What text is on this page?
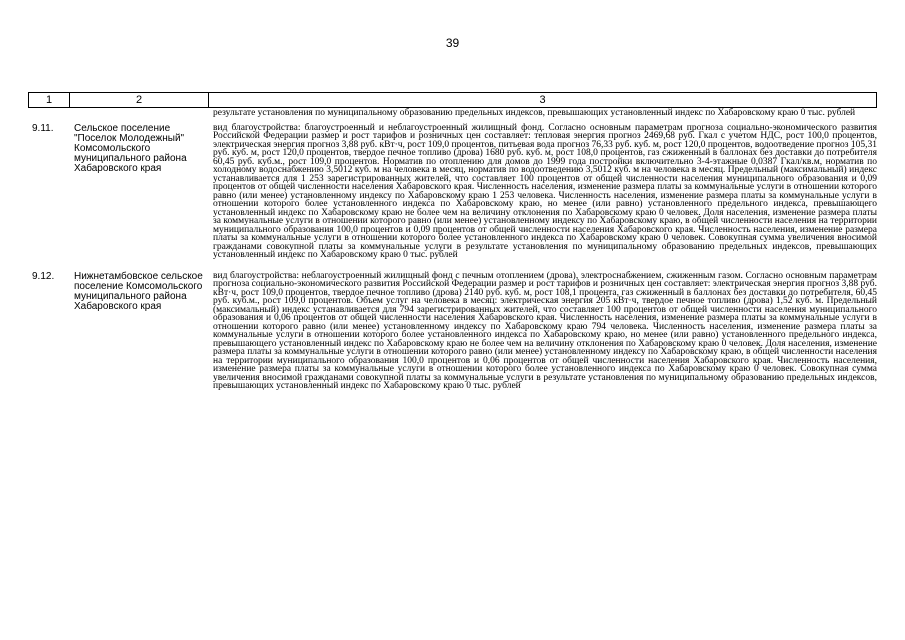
39
1	2	3
результате установления по муниципальному образованию предельных индексов, превышающих установленный индекс по Хабаровскому краю 0 тыс. рублей
9.11.	Сельское поселение "Поселок Молодежный" Комсомольского муниципального района Хабаровского края
вид благоустройства: благоустроенный и неблагоустроенный жилищный фонд. Согласно основным параметрам прогноза социально-экономического развития Российской Федерации размер и рост тарифов и розничных цен составляет: тепловая энергия прогноз 2469,68 руб. Гкал с учетом НДС, рост 100,0 процентов, электрическая энергия прогноз 3,88 руб. кВт·ч, рост 109,0 процентов, питьевая вода прогноз 76,33 руб. куб. м, рост 120,0 процентов, водоотведение прогноз 105,31 руб. куб. м, рост 120,0 процентов, твердое печное топливо (дрова) 1680 руб. куб. м, рост 108,0 процентов, газ сжиженный в баллонах без доставки до потребителя 60,45 руб. куб.м., рост 109,0 процентов. Норматив по отоплению для домов до 1999 года постройки включительно 3-4-этажные 0,0387 Гкал/кв.м, норматив по холодному водоснабжению 3,5012 куб. м на человека в месяц, норматив по водоотведению 3,5012 куб. м на человека в месяц. Предельный (максимальный) индекс устанавливается для 1 253 зарегистрированных жителей, что составляет 100 процентов от общей численности населения муниципального образования и 0,09 процентов от общей численности населения Хабаровского края. Численность населения, изменение размера платы за коммунальные услуги в отношении которого равно (или менее) установленному индексу по Хабаровскому краю 1 253 человека. Численность населения, изменение размера платы за коммунальные услуги в отношении которого более установленного индекса по Хабаровскому краю, но менее (или равно) установленного предельного индекса, превышающего установленный индекс по Хабаровскому краю не более чем на величину отклонения по Хабаровскому краю 0 человек. Доля населения, изменение размера платы за коммунальные услуги в отношении которого равно (или менее) установленному индексу по Хабаровскому краю, в общей численности населения на территории муниципального образования 100,0 процентов и 0,09 процентов от общей численности населения Хабаровского края. Численность населения, изменение размера платы за коммунальные услуги в отношении которого более установленного индекса по Хабаровскому краю 0 человек. Совокупная сумма увеличения вносимой гражданами совокупной платы за коммунальные услуги в результате установления по муниципальному образованию предельных индексов, превышающих установленный индекс по Хабаровскому краю 0 тыс. рублей
9.12.	Нижнетамбовское сельское поселение Комсомольского муниципального района Хабаровского края
вид благоустройства: неблагоустроенный жилищный фонд с печным отоплением (дрова), электроснабжением, сжиженным газом. Согласно основным параметрам прогноза социально-экономического развития Российской Федерации размер и рост тарифов и розничных цен составляет: электрическая энергия прогноз 3,88 руб. кВт·ч, рост 109,0 процентов, твердое печное топливо (дрова) 2140 руб. куб. м, рост 108,1 процента, газ сжиженный в баллонах без доставки до потребителя, 60,45 руб. куб.м., рост 109,0 процентов. Объем услуг на человека в месяц: электрическая энергия 205 кВт·ч, твердое печное топливо (дрова) 1,52 куб. м. Предельный (максимальный) индекс устанавливается для 794 зарегистрированных жителей, что составляет 100 процентов от общей численности населения муниципального образования и 0,06 процентов от общей численности населения Хабаровского края. Численность населения, изменение размера платы за коммунальные услуги в отношении которого равно (или менее) установленному индексу по Хабаровскому краю 794 человека. Численность населения, изменение размера платы за коммунальные услуги в отношении которого более установленного индекса по Хабаровскому краю, но менее (или равно) установленного предельного индекса, превышающего установленный индекс по Хабаровскому краю не более чем на величину отклонения по Хабаровскому краю 0 человек. Доля населения, изменение размера платы за коммунальные услуги в отношении которого равно (или менее) установленному индексу по Хабаровскому краю, в общей численности населения на территории муниципального образования 100,0 процентов и 0,06 процентов от общей численности населения Хабаровского края. Численность населения, изменение размера платы за коммунальные услуги в отношении которого более установленного индекса по Хабаровскому краю 0 человек. Совокупная сумма увеличения вносимой гражданами совокупной платы за коммунальные услуги в результате установления по муниципальному образованию предельных индексов, превышающих установленный индекс по Хабаровскому краю 0 тыс. рублей
